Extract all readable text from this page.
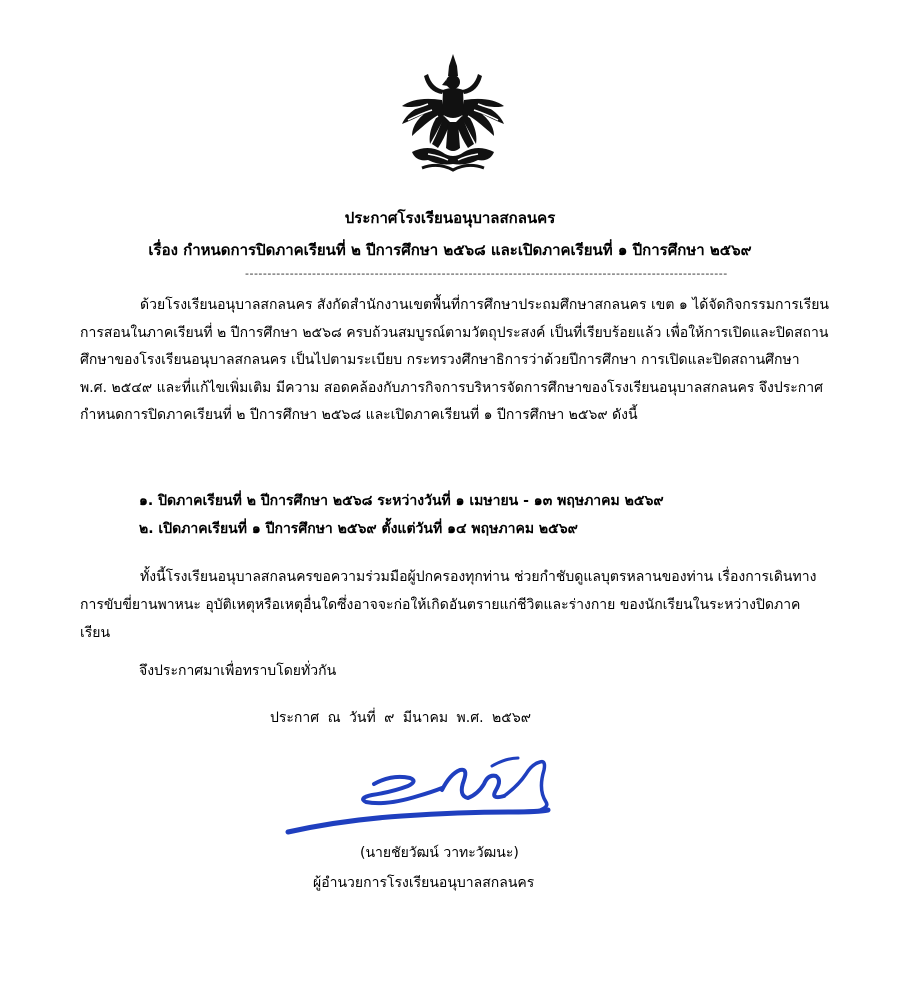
ประกาศโรงเรียนอนุบาลสกลนคร
เรื่อง กำหนดการปิดภาคเรียนที่ ๒ ปีการศึกษา ๒๕๖๘ และเปิดภาคเรียนที่ ๑ ปีการศึกษา ๒๕๖๙
------------------------------------------------------------------------------------------------------------
ด้วยโรงเรียนอนุบาลสกลนคร สังกัดสำนักงานเขตพื้นที่การศึกษาประถมศึกษาสกลนคร เขต ๑ ได้จัดกิจกรรมการเรียนการสอนในภาคเรียนที่ ๒ ปีการศึกษา ๒๕๖๘ ครบถ้วนสมบูรณ์ตามวัตถุประสงค์ เป็นที่เรียบร้อยแล้ว เพื่อให้การเปิดและปิดสถานศึกษาของโรงเรียนอนุบาลสกลนคร เป็นไปตามระเบียบ กระทรวงศึกษาธิการว่าด้วยปีการศึกษา การเปิดและปิดสถานศึกษา พ.ศ. ๒๕๔๙ และที่แก้ไขเพิ่มเติม มีความ สอดคล้องกับภารกิจการบริหารจัดการศึกษาของโรงเรียนอนุบาลสกลนคร จึงประกาศกำหนดการปิดภาคเรียนที่ ๒ ปีการศึกษา ๒๕๖๘ และเปิดภาคเรียนที่ ๑ ปีการศึกษา ๒๕๖๙ ดังนี้
๑. ปิดภาคเรียนที่ ๒ ปีการศึกษา ๒๕๖๘ ระหว่างวันที่ ๑ เมษายน - ๑๓ พฤษภาคม ๒๕๖๙
๒. เปิดภาคเรียนที่ ๑ ปีการศึกษา ๒๕๖๙ ตั้งแต่วันที่ ๑๔ พฤษภาคม ๒๕๖๙
ทั้งนี้โรงเรียนอนุบาลสกลนครขอความร่วมมือผู้ปกครองทุกท่าน ช่วยกำชับดูแลบุตรหลานของท่าน เรื่องการเดินทาง การขับขี่ยานพาหนะ อุบัติเหตุหรือเหตุอื่นใดซึ่งอาจจะก่อให้เกิดอันตรายแก่ชีวิตและร่างกาย ของนักเรียนในระหว่างปิดภาคเรียน
จึงประกาศมาเพื่อทราบโดยทั่วกัน
ประกาศ ณ วันที่ ๙ มีนาคม พ.ศ. ๒๕๖๙
(นายชัยวัฒน์ วาทะวัฒนะ)
ผู้อำนวยการโรงเรียนอนุบาลสกลนคร
